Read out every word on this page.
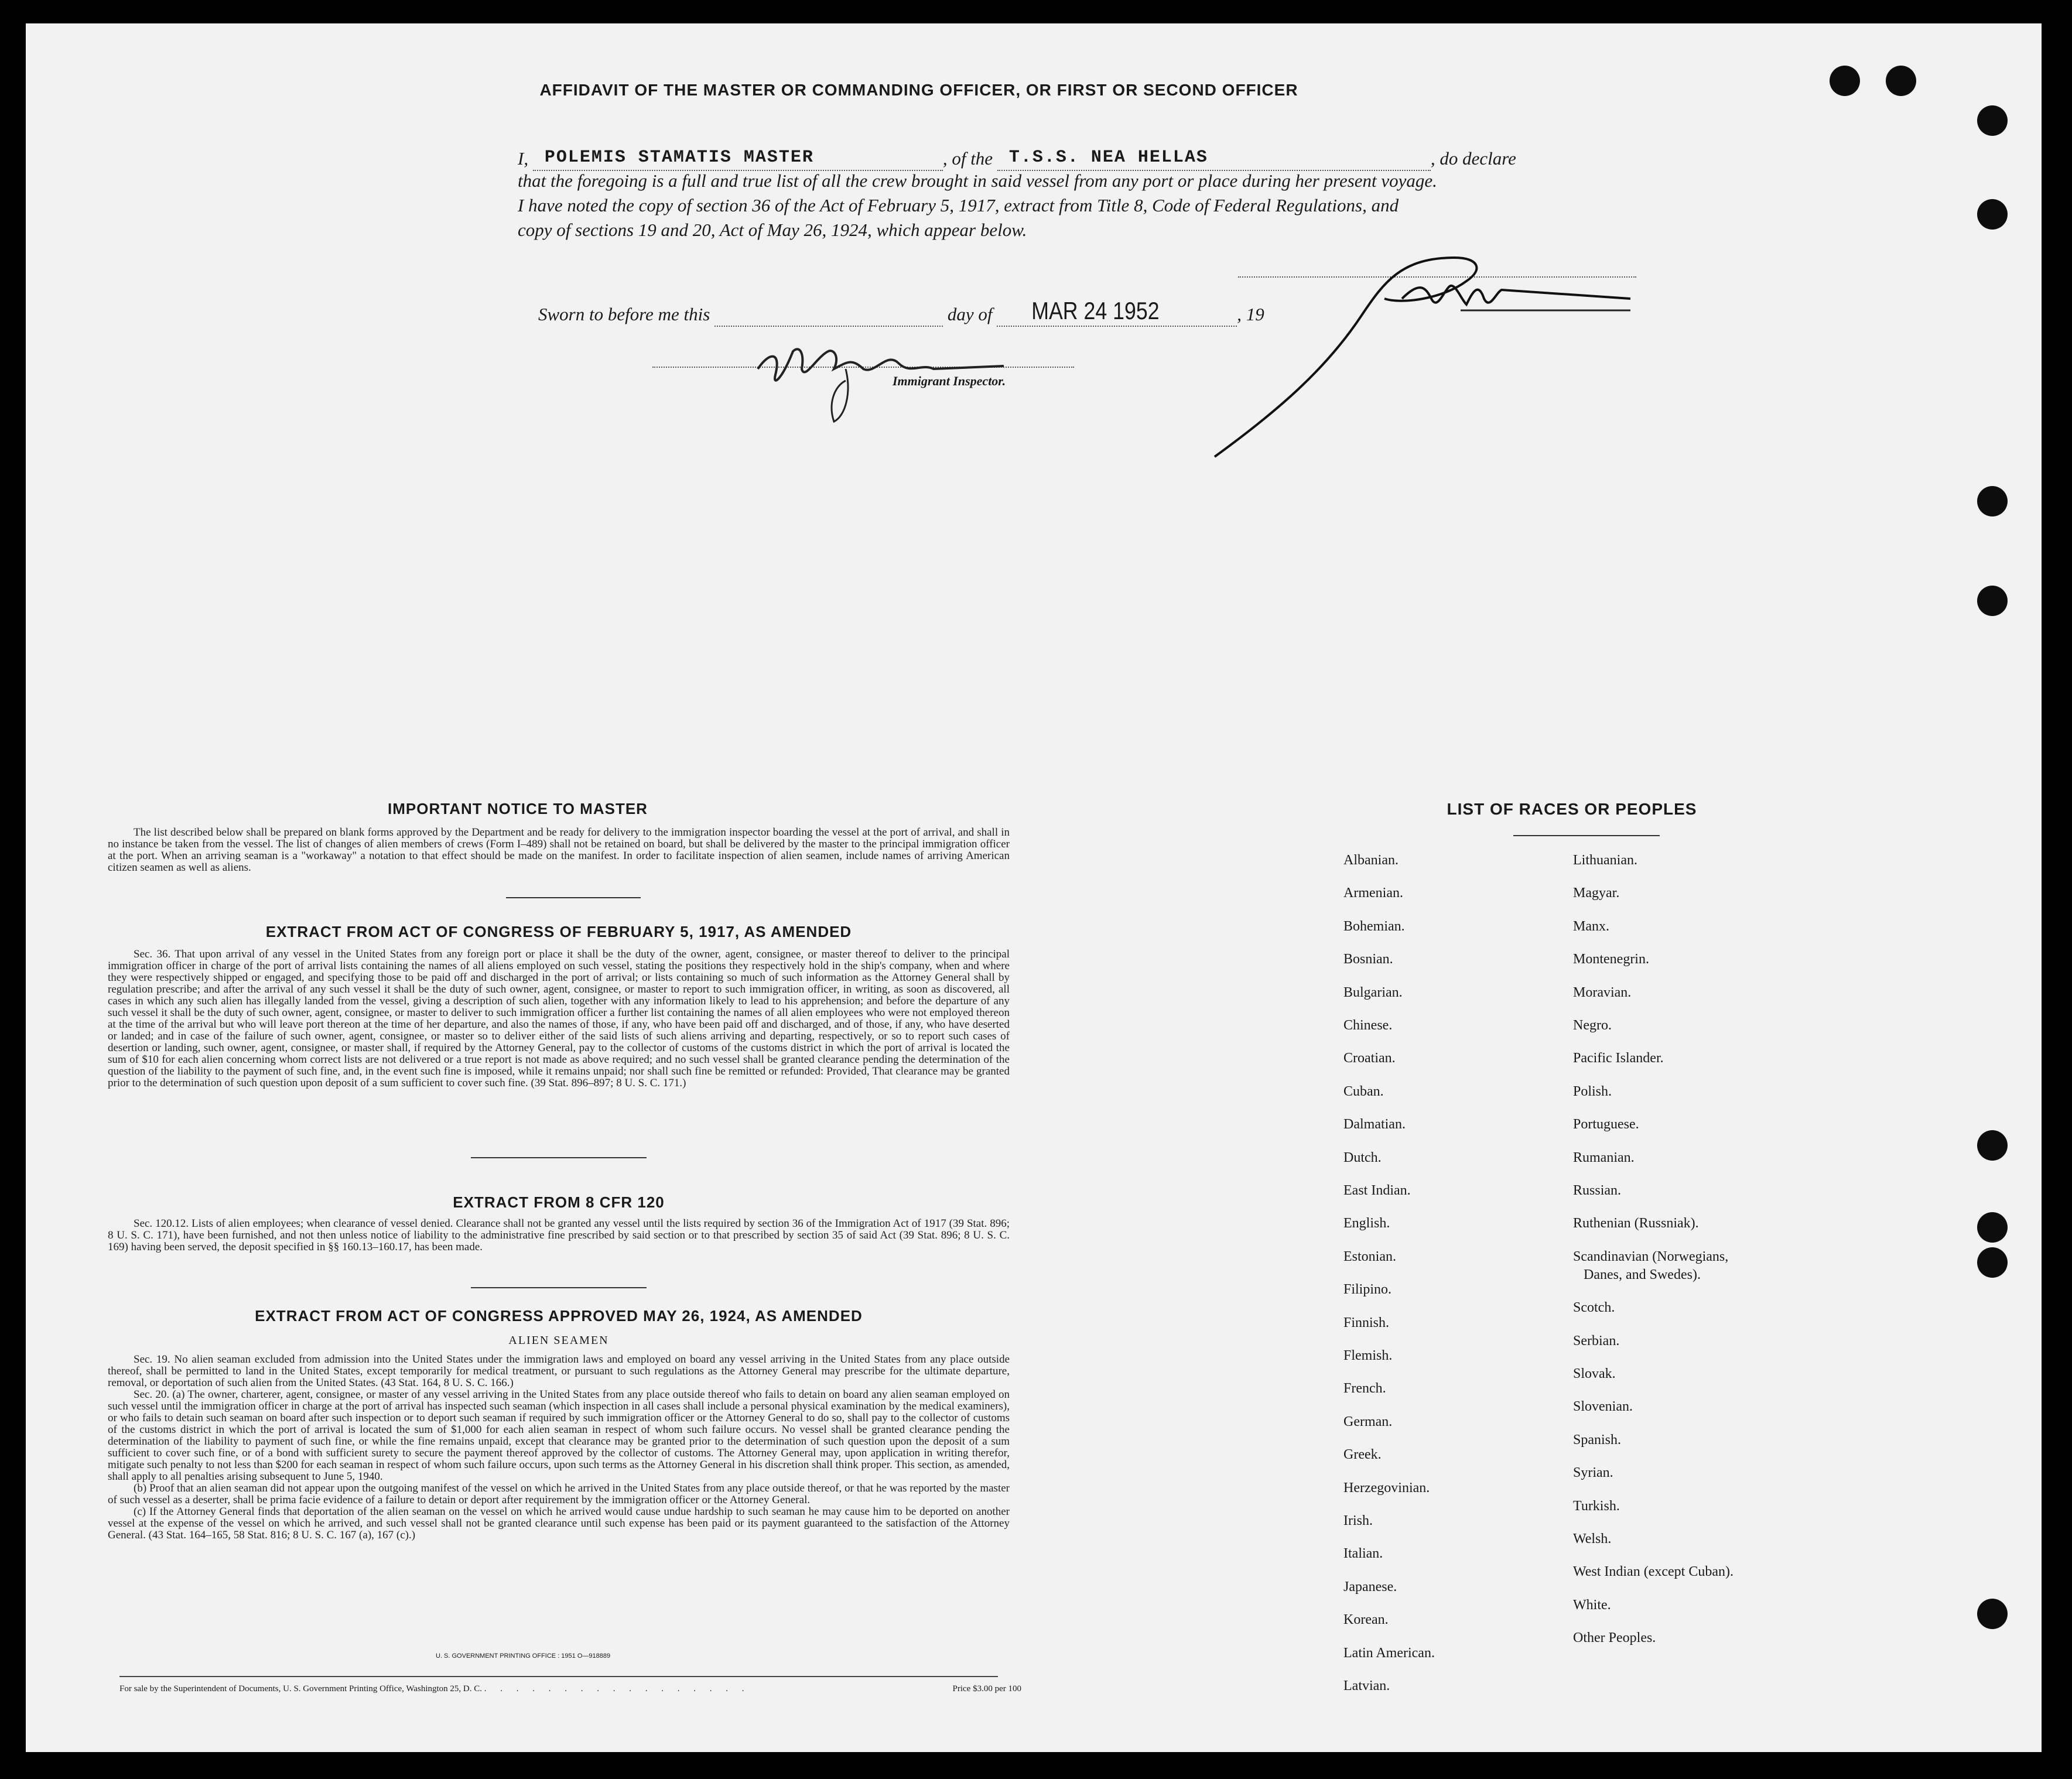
AFFIDAVIT OF THE MASTER OR COMMANDING OFFICER, OR FIRST OR SECOND OFFICER
I, POLEMIS STAMATIS MASTER	, of the T.S.S. NEA HELLAS	, do declare
that the foregoing is a full and true list of all the crew brought in said vessel from any port or place during her present voyage.
I have noted the copy of section 36 of the Act of February 5, 1917, extract from Title 8, Code of Federal Regulations, and
copy of sections 19 and 20, Act of May 26, 1924, which appear below.
Sworn to before me this	day of MAR 24 1952	, 19
Immigrant Inspector.
IMPORTANT NOTICE TO MASTER

The list described below shall be prepared on blank forms approved by the Department and be ready for delivery to the immigration inspector boarding the vessel at the port of arrival, and shall in no instance be taken from the vessel. The list of changes of alien members of crews (Form I–489) shall not be retained on board, but shall be delivered by the master to the principal immigration officer at the port. When an arriving seaman is a "workaway" a notation to that effect should be made on the manifest. In order to facilitate inspection of alien seamen, include names of arriving American citizen seamen as well as aliens.

EXTRACT FROM ACT OF CONGRESS OF FEBRUARY 5, 1917, AS AMENDED

Sec. 36. That upon arrival of any vessel in the United States from any foreign port or place it shall be the duty of the owner, agent, consignee, or master thereof to deliver to the principal immigration officer in charge of the port of arrival lists containing the names of all aliens employed on such vessel, stating the positions they respectively hold in the ship's company, when and where they were respectively shipped or engaged, and specifying those to be paid off and discharged in the port of arrival; or lists containing so much of such information as the Attorney General shall by regulation prescribe; and after the arrival of any such vessel it shall be the duty of such owner, agent, consignee, or master to report to such immigration officer, in writing, as soon as discovered, all cases in which any such alien has illegally landed from the vessel, giving a description of such alien, together with any information likely to lead to his apprehension; and before the departure of any such vessel it shall be the duty of such owner, agent, consignee, or master to deliver to such immigration officer a further list containing the names of all alien employees who were not employed thereon at the time of the arrival but who will leave port thereon at the time of her departure, and also the names of those, if any, who have been paid off and discharged, and of those, if any, who have deserted or landed; and in case of the failure of such owner, agent, consignee, or master so to deliver either of the said lists of such aliens arriving and departing, respectively, or so to report such cases of desertion or landing, such owner, agent, consignee, or master shall, if required by the Attorney General, pay to the collector of customs of the customs district in which the port of arrival is located the sum of $10 for each alien concerning whom correct lists are not delivered or a true report is not made as above required; and no such vessel shall be granted clearance pending the determination of the question of the liability to the payment of such fine, and, in the event such fine is imposed, while it remains unpaid; nor shall such fine be remitted or refunded: Provided, That clearance may be granted prior to the determination of such question upon deposit of a sum sufficient to cover such fine. (39 Stat. 896–897; 8 U. S. C. 171.)

EXTRACT FROM 8 CFR 120

Sec. 120.12. Lists of alien employees; when clearance of vessel denied. Clearance shall not be granted any vessel until the lists required by section 36 of the Immigration Act of 1917 (39 Stat. 896; 8 U. S. C. 171), have been furnished, and not then unless notice of liability to the administrative fine prescribed by said section or to that prescribed by section 35 of said Act (39 Stat. 896; 8 U. S. C. 169) having been served, the deposit specified in §§ 160.13–160.17, has been made.

EXTRACT FROM ACT OF CONGRESS APPROVED MAY 26, 1924, AS AMENDED
ALIEN SEAMEN

Sec. 19. No alien seaman excluded from admission into the United States under the immigration laws and employed on board any vessel arriving in the United States from any place outside thereof, shall be permitted to land in the United States, except temporarily for medical treatment, or pursuant to such regulations as the Attorney General may prescribe for the ultimate departure, removal, or deportation of such alien from the United States. (43 Stat. 164, 8 U. S. C. 166.)

Sec. 20. (a) The owner, charterer, agent, consignee, or master of any vessel arriving in the United States from any place outside thereof who fails to detain on board any alien seaman employed on such vessel until the immigration officer in charge at the port of arrival has inspected such seaman (which inspection in all cases shall include a personal physical examination by the medical examiners), or who fails to detain such seaman on board after such inspection or to deport such seaman if required by such immigration officer or the Attorney General to do so, shall pay to the collector of customs of the customs district in which the port of arrival is located the sum of $1,000 for each alien seaman in respect of whom such failure occurs. No vessel shall be granted clearance pending the determination of the liability to payment of such fine, or while the fine remains unpaid, except that clearance may be granted prior to the determination of such question upon the deposit of a sum sufficient to cover such fine, or of a bond with sufficient surety to secure the payment thereof approved by the collector of customs. The Attorney General may, upon application in writing therefor, mitigate such penalty to not less than $200 for each seaman in respect of whom such failure occurs, upon such terms as the Attorney General in his discretion shall think proper. This section, as amended, shall apply to all penalties arising subsequent to June 5, 1940.

(b) Proof that an alien seaman did not appear upon the outgoing manifest of the vessel on which he arrived in the United States from any place outside thereof, or that he was reported by the master of such vessel as a deserter, shall be prima facie evidence of a failure to detain or deport after requirement by the immigration officer or the Attorney General.

(c) If the Attorney General finds that deportation of the alien seaman on the vessel on which he arrived would cause undue hardship to such seaman he may cause him to be deported on another vessel at the expense of the vessel on which he arrived, and such vessel shall not be granted clearance until such expense has been paid or its payment guaranteed to the satisfaction of the Attorney General. (43 Stat. 164–165, 58 Stat. 816; 8 U. S. C. 167 (a), 167 (c).)

U. S. GOVERNMENT PRINTING OFFICE : 1951 O—918889
For sale by the Superintendent of Documents, U. S. Government Printing Office, Washington 25, D. C. . . . . . . . . . . . . . . . . .	Price $3.00 per 100
LIST OF RACES OR PEOPLES
Albanian.
Armenian.
Bohemian.
Bosnian.
Bulgarian.
Chinese.
Croatian.
Cuban.
Dalmatian.
Dutch.
East Indian.
English.
Estonian.
Filipino.
Finnish.
Flemish.
French.
German.
Greek.
Herzegovinian.
Irish.
Italian.
Japanese.
Korean.
Latin American.
Latvian.
Lithuanian.
Magyar.
Manx.
Montenegrin.
Moravian.
Negro.
Pacific Islander.
Polish.
Portuguese.
Rumanian.
Russian.
Ruthenian (Russniak).
Scandinavian (Norwegians,
Danes, and Swedes).
Scotch.
Serbian.
Slovak.
Slovenian.
Spanish.
Syrian.
Turkish.
Welsh.
West Indian (except Cuban).
White.
Other Peoples.
